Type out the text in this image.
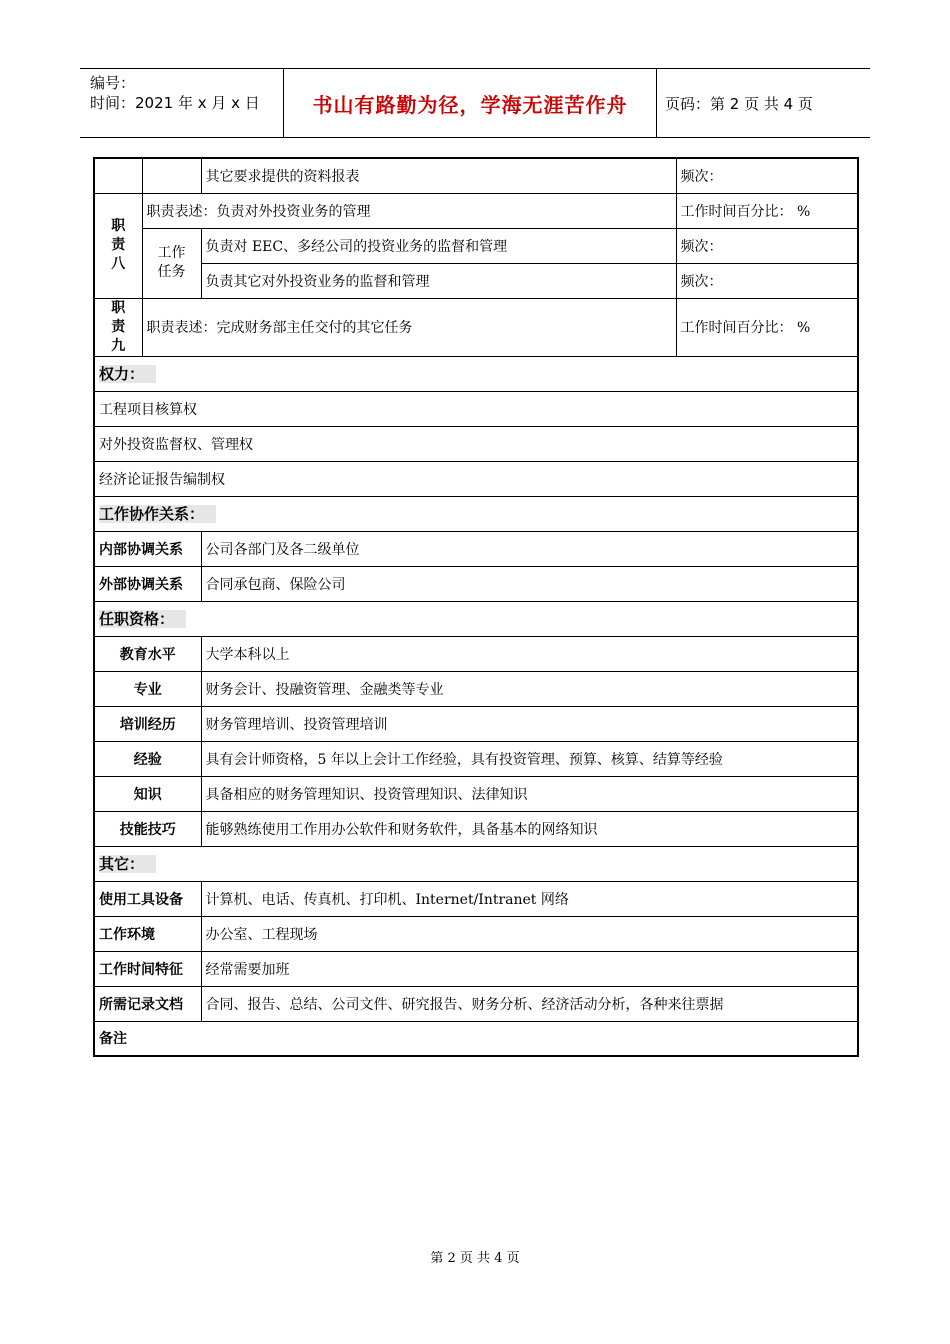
编号：
时间：2021 年 x 月 x 日	书山有路勤为径，学海无涯苦作舟	页码：第 2 页 共 4 页
		其它要求提供的资料报表	频次：
职
责
八	职责表述：负责对外投资业务的管理		工作时间百分比： %
	工作
任务	负责对 EEC、多经公司的投资业务的监督和管理	频次：
		负责其它对外投资业务的监督和管理	频次：
职
责
九	职责表述：完成财务部主任交付的其它任务		工作时间百分比： %
权力：			
工程项目核算权			
对外投资监督权、管理权			
经济论证报告编制权			
工作协作关系：			
内部协调关系		公司各部门及各二级单位	
外部协调关系		合同承包商、保险公司	
任职资格：			
教育水平		大学本科以上	
专业		财务会计、投融资管理、金融类等专业	
培训经历		财务管理培训、投资管理培训	
经验		具有会计师资格，5 年以上会计工作经验，具有投资管理、预算、核算、结算等经验	
知识		具备相应的财务管理知识、投资管理知识、法律知识	
技能技巧		能够熟练使用工作用办公软件和财务软件，具备基本的网络知识	
其它：			
使用工具设备		计算机、电话、传真机、打印机、Internet/Intranet 网络	
工作环境		办公室、工程现场	
工作时间特征		经常需要加班	
所需记录文档		合同、报告、总结、公司文件、研究报告、财务分析、经济活动分析，各种来往票据	
备注			
第 2 页 共 4 页
